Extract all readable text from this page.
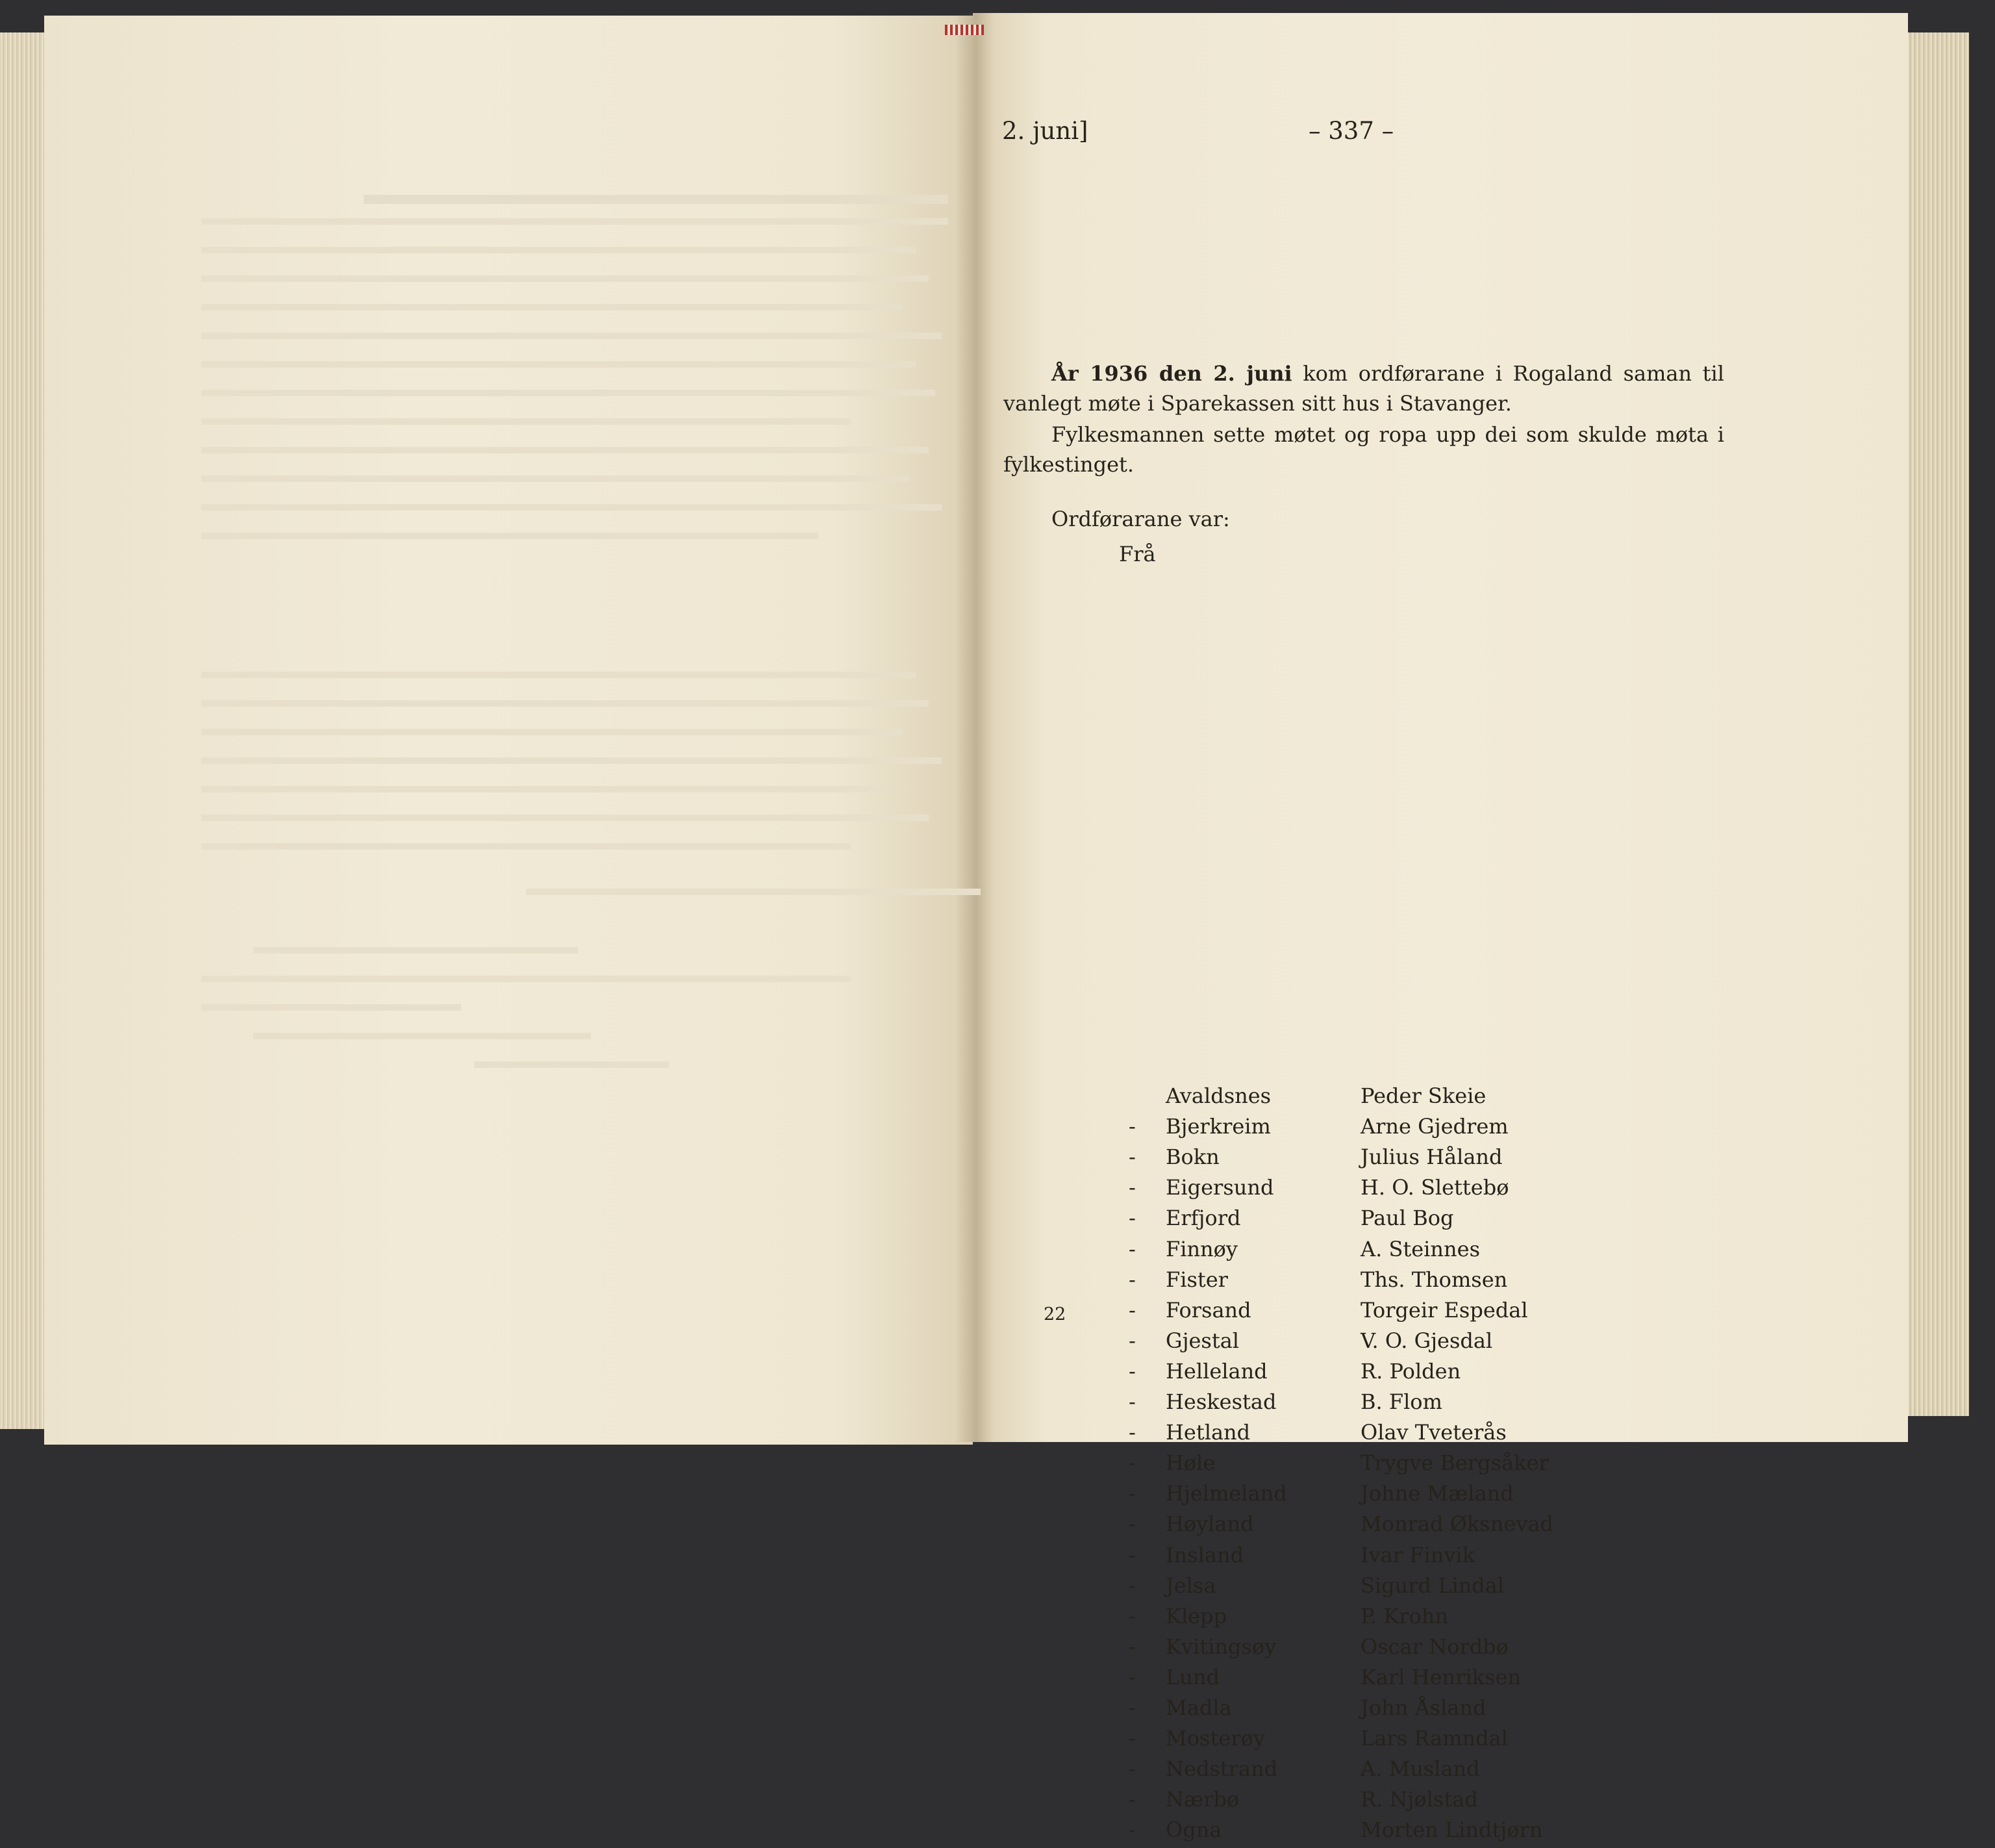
2. juni]	– 337 –
År 1936 den 2. juni kom ordførarane i Rogaland saman til vanlegt møte i Sparekassen sitt hus i Stavanger.
Fylkesmannen sette møtet og ropa upp dei som skulde møta i fylkestinget.
Ordførarane var:
Frå
Avaldsnes	Peder Skeie
- Bjerkreim	Arne Gjedrem
- Bokn	Julius Håland
- Eigersund	H. O. Slettebø
- Erfjord	Paul Bog
- Finnøy	A. Steinnes
- Fister	Ths. Thomsen
- Forsand	Torgeir Espedal
- Gjestal	V. O. Gjesdal
- Helleland	R. Polden
- Heskestad	B. Flom
- Hetland	Olav Tveterås
- Høle	Trygve Bergsåker
- Hjelmeland	Johne Mæland
- Høyland	Monrad Øksnevad
- Insland	Ivar Finvik
- Jelsa	Sigurd Lindal
- Klepp	P. Krohn
- Kvitingsøy	Oscar Nordbø
- Lund	Karl Henriksen
- Madla	John Åsland
- Mosterøy	Lars Ramndal
- Nedstrand	A. Musland
- Nærbø	R. Njølstad
- Ogna	Morten Lindtjørn
22
